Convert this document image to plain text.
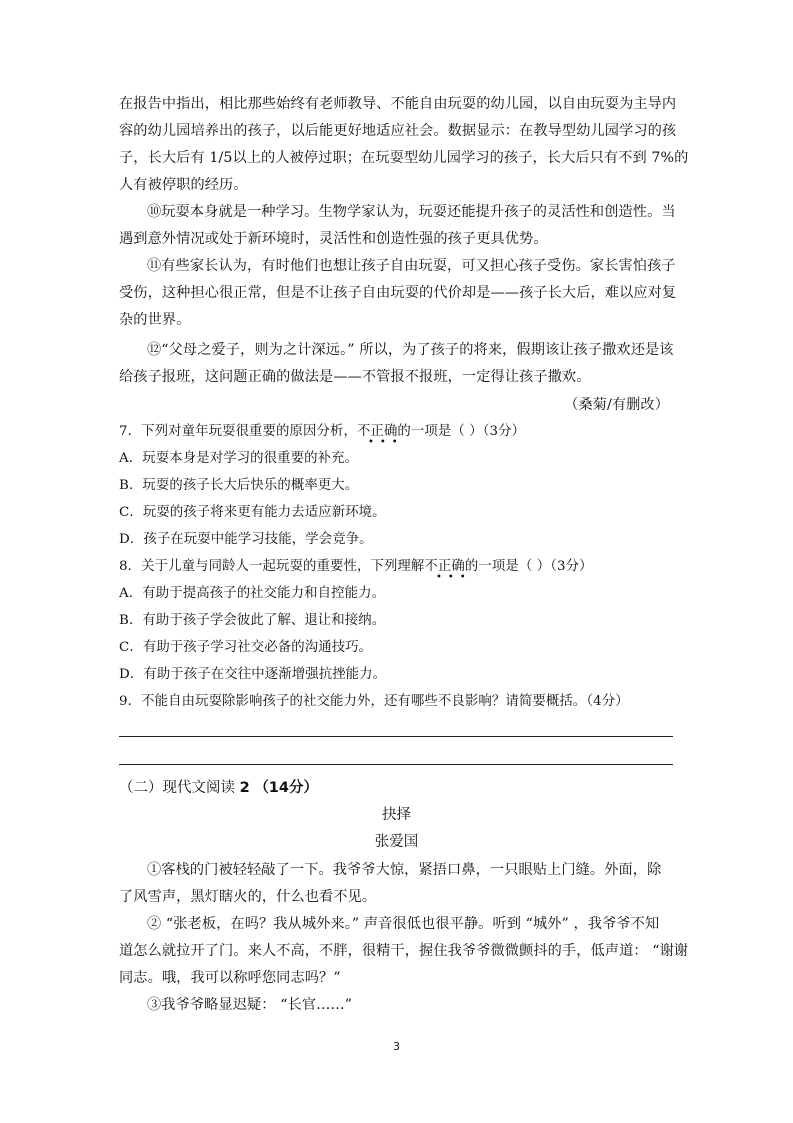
在报告中指出，相比那些始终有老师教导、不能自由玩耍的幼儿园，以自由玩耍为主导内
容的幼儿园培养出的孩子，以后能更好地适应社会。数据显示：在教导型幼儿园学习的孩
子，长大后有 1/5以上的人被停过职；在玩耍型幼儿园学习的孩子，长大后只有不到 7%的
人有被停职的经历。
⑩玩耍本身就是一种学习。生物学家认为，玩耍还能提升孩子的灵活性和创造性。当
遇到意外情况或处于新环境时，灵活性和创造性强的孩子更具优势。
⑪有些家长认为，有时他们也想让孩子自由玩耍，可又担心孩子受伤。家长害怕孩子
受伤，这种担心很正常，但是不让孩子自由玩耍的代价却是——孩子长大后，难以应对复
杂的世界。
⑫“父母之爱子，则为之计深远。” 所以，为了孩子的将来，假期该让孩子撒欢还是该
给孩子报班，这问题正确的做法是——不管报不报班，一定得让孩子撒欢。
（桑菊/有删改）
7．下列对童年玩耍很重要的原因分析，不正确的一项是（ ）（3分）
•••
A．玩耍本身是对学习的很重要的补充。
B．玩耍的孩子长大后快乐的概率更大。
C．玩耍的孩子将来更有能力去适应新环境。
D．孩子在玩耍中能学习技能，学会竞争。
8．关于儿童与同龄人一起玩耍的重要性，下列理解不正确的一项是（ ）（3分）
•••
A．有助于提高孩子的社交能力和自控能力。
B．有助于孩子学会彼此了解、退让和接纳。
C．有助于孩子学习社交必备的沟通技巧。
D．有助于孩子在交往中逐渐增强抗挫能力。
9．不能自由玩耍除影响孩子的社交能力外，还有哪些不良影响？请简要概括。（4分）
（二）现代文阅读 2 （14分）
抉择
张爱国
①客栈的门被轻轻敲了一下。我爷爷大惊，紧捂口鼻，一只眼贴上门缝。外面，除
了风雪声，黑灯瞎火的，什么也看不见。
② “张老板，在吗？我从城外来。” 声音很低也很平静。听到 “城外” ，我爷爷不知
道怎么就拉开了门。来人不高，不胖，很精干，握住我爷爷微微颤抖的手，低声道： “谢谢
同志。哦，我可以称呼您同志吗？”
③我爷爷略显迟疑： “长官……”
3
